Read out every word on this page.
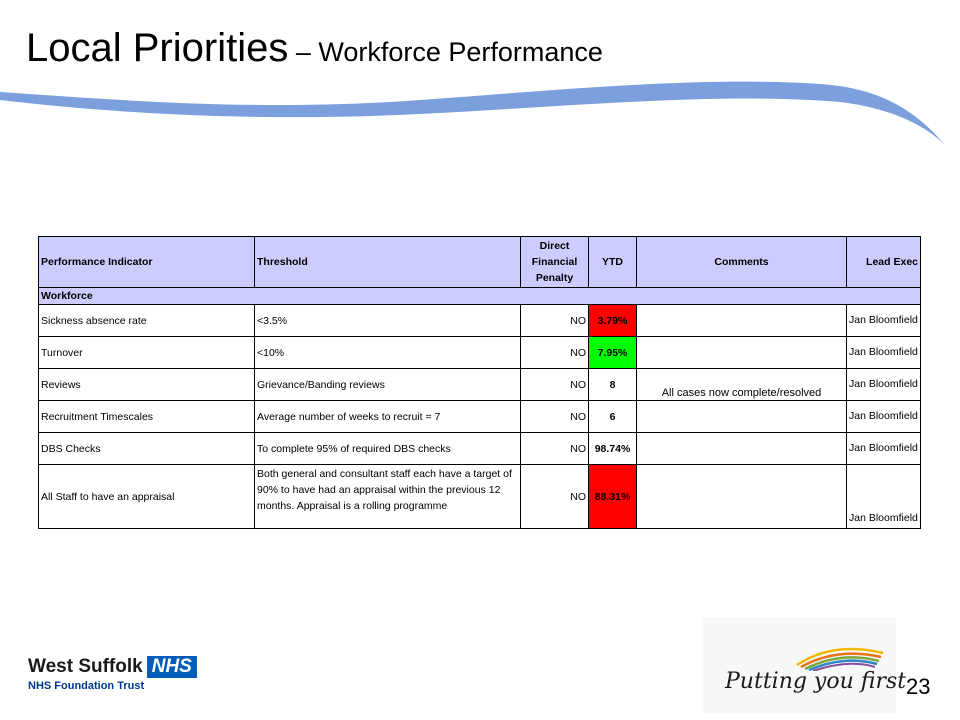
Local Priorities – Workforce Performance
Performance Indicator	Threshold	Direct Financial Penalty	YTD	Comments	Lead Exec
Workforce					
Sickness absence rate	<3.5%	NO	3.79%		Jan Bloomfield
Turnover	<10%	NO	7.95%		Jan Bloomfield
Reviews	Grievance/Banding reviews	NO	8	All cases now complete/resolved	Jan Bloomfield
Recruitment Timescales	Average number of weeks to recruit = 7	NO	6		Jan Bloomfield
DBS Checks	To complete 95% of required DBS checks	NO	98.74%		Jan Bloomfield
All Staff to have an appraisal	Both general and consultant staff each have a target of 90% to have had an appraisal within the previous 12 months. Appraisal is a rolling programme	NO	88.31%		Jan Bloomfield
West Suffolk NHS
NHS Foundation Trust	Putting you first 23
